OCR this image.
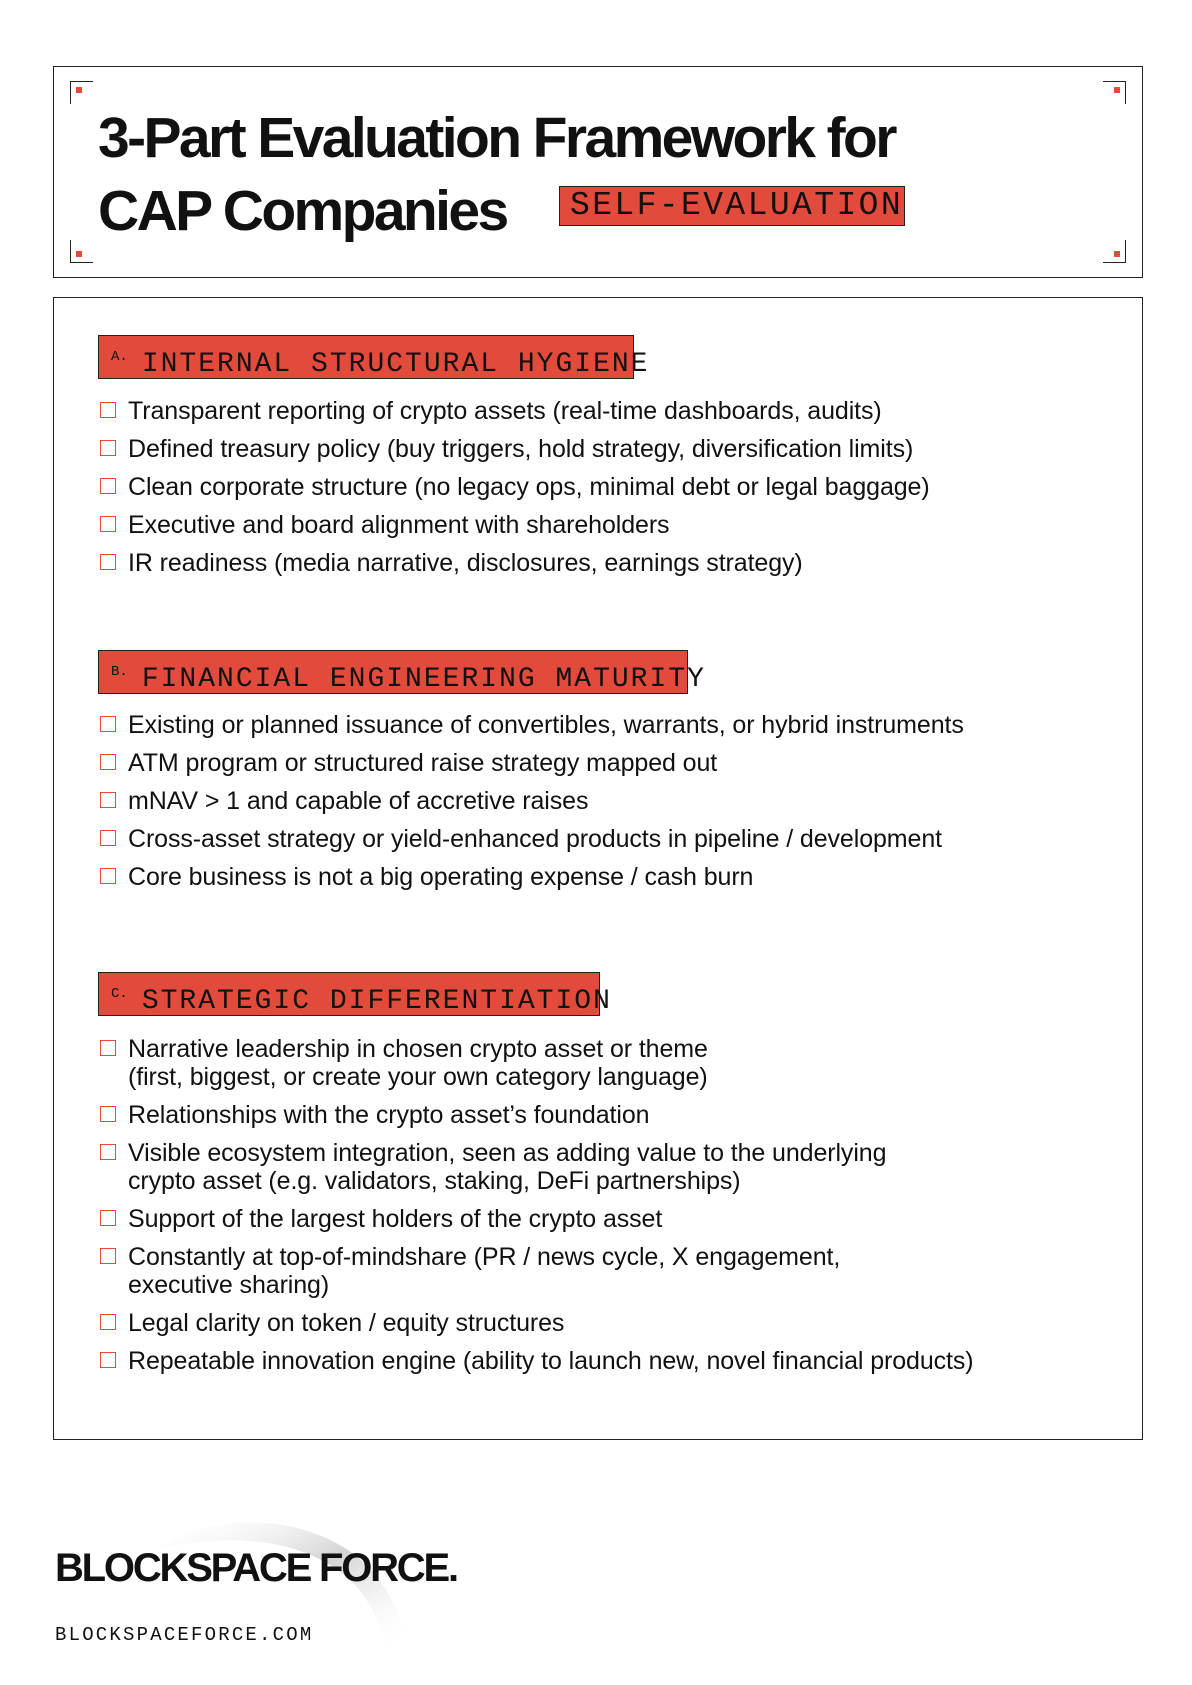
3-Part Evaluation Framework for
CAP Companies	SELF-EVALUATION
$^{A.}$ INTERNAL STRUCTURAL HYGIENE
Transparent reporting of crypto assets (real-time dashboards, audits)
Defined treasury policy (buy triggers, hold strategy, diversification limits)
Clean corporate structure (no legacy ops, minimal debt or legal baggage)
Executive and board alignment with shareholders
IR readiness (media narrative, disclosures, earnings strategy)
$^{B.}$ FINANCIAL ENGINEERING MATURITY
Existing or planned issuance of convertibles, warrants, or hybrid instruments
ATM program or structured raise strategy mapped out
mNAV > 1 and capable of accretive raises
Cross-asset strategy or yield-enhanced products in pipeline / development
Core business is not a big operating expense / cash burn
$^{C.}$ STRATEGIC DIFFERENTIATION
Narrative leadership in chosen crypto asset or theme
(first, biggest, or create your own category language)
Relationships with the crypto asset’s foundation
Visible ecosystem integration, seen as adding value to the underlying
crypto asset (e.g. validators, staking, DeFi partnerships)
Support of the largest holders of the crypto asset
Constantly at top-of-mindshare (PR / news cycle, X engagement,
executive sharing)
Legal clarity on token / equity structures
Repeatable innovation engine (ability to launch new, novel financial products)

BLOCKSPACE FORCE.

BLOCKSPACEFORCE.COM
